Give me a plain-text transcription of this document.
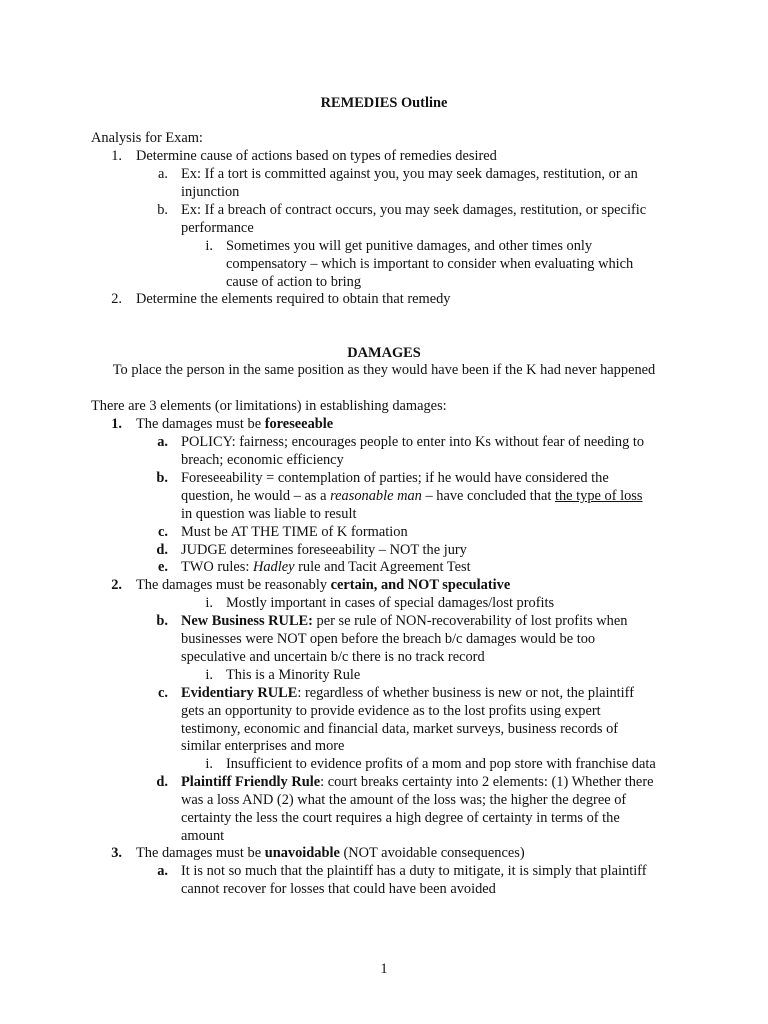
REMEDIES Outline
Analysis for Exam:
1. Determine cause of actions based on types of remedies desired
a. Ex: If a tort is committed against you, you may seek damages, restitution, or an
injunction
b. Ex: If a breach of contract occurs, you may seek damages, restitution, or specific
performance
i. Sometimes you will get punitive damages, and other times only
compensatory – which is important to consider when evaluating which
cause of action to bring
2. Determine the elements required to obtain that remedy
DAMAGES
To place the person in the same position as they would have been if the K had never happened
There are 3 elements (or limitations) in establishing damages:
1. The damages must be foreseeable
a. POLICY: fairness; encourages people to enter into Ks without fear of needing to
breach; economic efficiency
b. Foreseeability = contemplation of parties; if he would have considered the
question, he would – as a reasonable man – have concluded that the type of loss
in question was liable to result
c. Must be AT THE TIME of K formation
d. JUDGE determines foreseeability – NOT the jury
e. TWO rules: Hadley rule and Tacit Agreement Test
2. The damages must be reasonably certain, and NOT speculative
i. Mostly important in cases of special damages/lost profits
b. New Business RULE: per se rule of NON-recoverability of lost profits when
businesses were NOT open before the breach b/c damages would be too
speculative and uncertain b/c there is no track record
i. This is a Minority Rule
c. Evidentiary RULE: regardless of whether business is new or not, the plaintiff
gets an opportunity to provide evidence as to the lost profits using expert
testimony, economic and financial data, market surveys, business records of
similar enterprises and more
i. Insufficient to evidence profits of a mom and pop store with franchise data
d. Plaintiff Friendly Rule: court breaks certainty into 2 elements: (1) Whether there
was a loss AND (2) what the amount of the loss was; the higher the degree of
certainty the less the court requires a high degree of certainty in terms of the
amount
3. The damages must be unavoidable (NOT avoidable consequences)
a. It is not so much that the plaintiff has a duty to mitigate, it is simply that plaintiff
cannot recover for losses that could have been avoided
1
